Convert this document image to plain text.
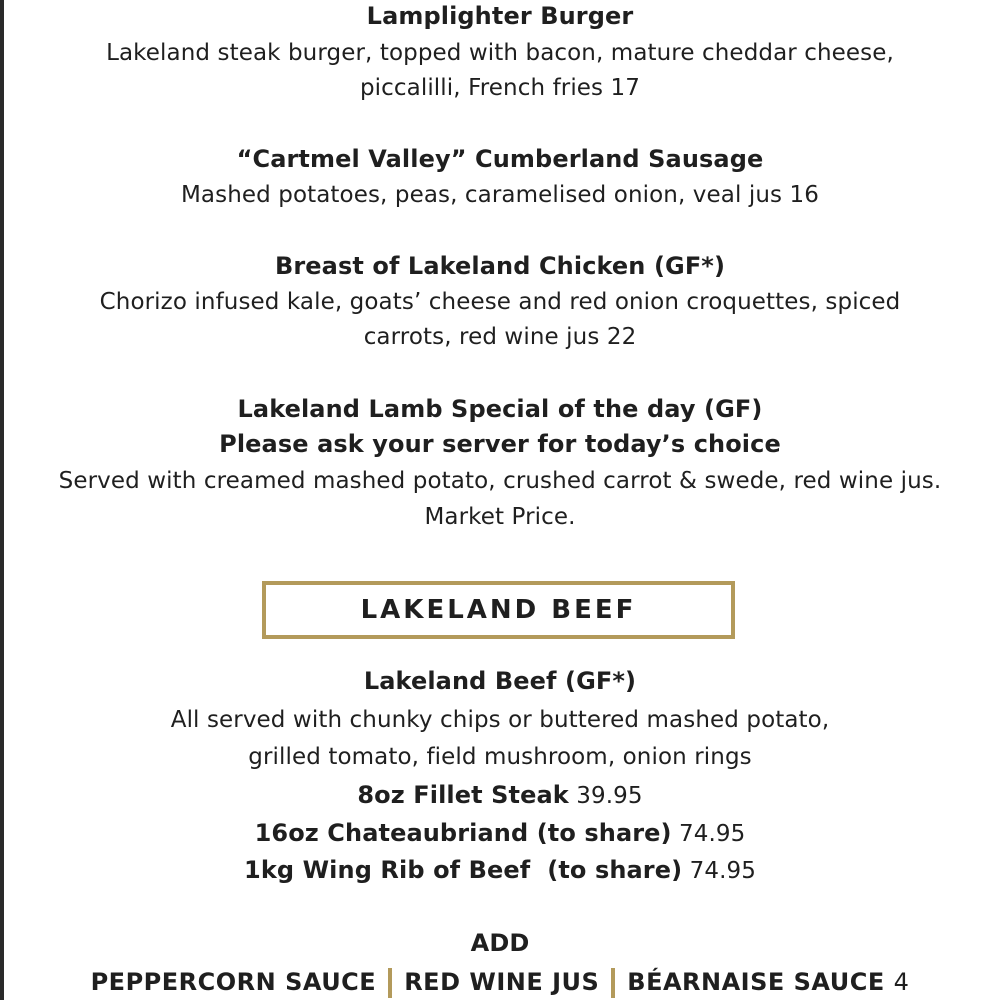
Lamplighter Burger
Lakeland steak burger, topped with bacon, mature cheddar cheese,
piccalilli, French fries 17
“Cartmel Valley” Cumberland Sausage
Mashed potatoes, peas, caramelised onion, veal jus 16
Breast of Lakeland Chicken (GF*)
Chorizo infused kale, goats’ cheese and red onion croquettes, spiced
carrots, red wine jus 22
Lakeland Lamb Special of the day (GF)
Please ask your server for today’s choice
Served with creamed mashed potato, crushed carrot & swede, red wine jus.
Market Price.
LAKELAND BEEF
Lakeland Beef (GF*)
All served with chunky chips or buttered mashed potato,
grilled tomato, field mushroom, onion rings
8oz Fillet Steak 39.95
16oz Chateaubriand (to share) 74.95
1kg Wing Rib of Beef  (to share) 74.95
ADD
PEPPERCORN SAUCE RED WINE JUS BÉARNAISE SAUCE 4
